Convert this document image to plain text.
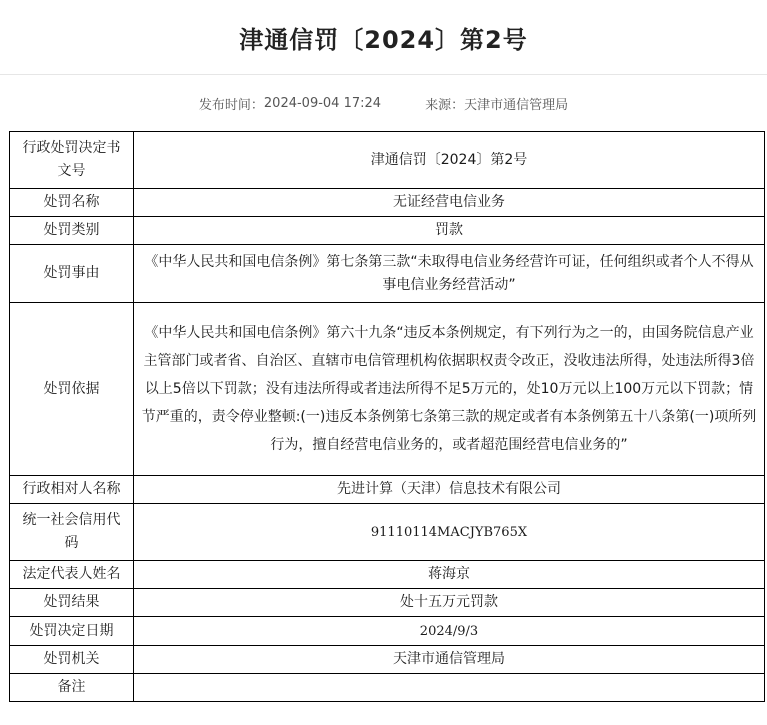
津通信罚〔2024〕第2号
发布时间： 2024-09-04 17:24	来源： 天津市通信管理局
行政处罚决定书文号	津通信罚〔2024〕第2号
处罚名称	无证经营电信业务
处罚类别	罚款
处罚事由	《中华人民共和国电信条例》第七条第三款“未取得电信业务经营许可证，任何组织或者个人不得从事电信业务经营活动”
处罚依据	《中华人民共和国电信条例》第六十九条“违反本条例规定，有下列行为之一的，由国务院信息产业主管部门或者省、自治区、直辖市电信管理机构依据职权责令改正，没收违法所得，处违法所得3倍以上5倍以下罚款；没有违法所得或者违法所得不足5万元的，处10万元以上100万元以下罚款；情节严重的，责令停业整顿:(一)违反本条例第七条第三款的规定或者有本条例第五十八条第(一)项所列行为，擅自经营电信业务的，或者超范围经营电信业务的”
行政相对人名称	先进计算（天津）信息技术有限公司
统一社会信用代码	91110114MACJYB765X
法定代表人姓名	蒋海京
处罚结果	处十五万元罚款
处罚决定日期	2024/9/3
处罚机关	天津市通信管理局
备注	
